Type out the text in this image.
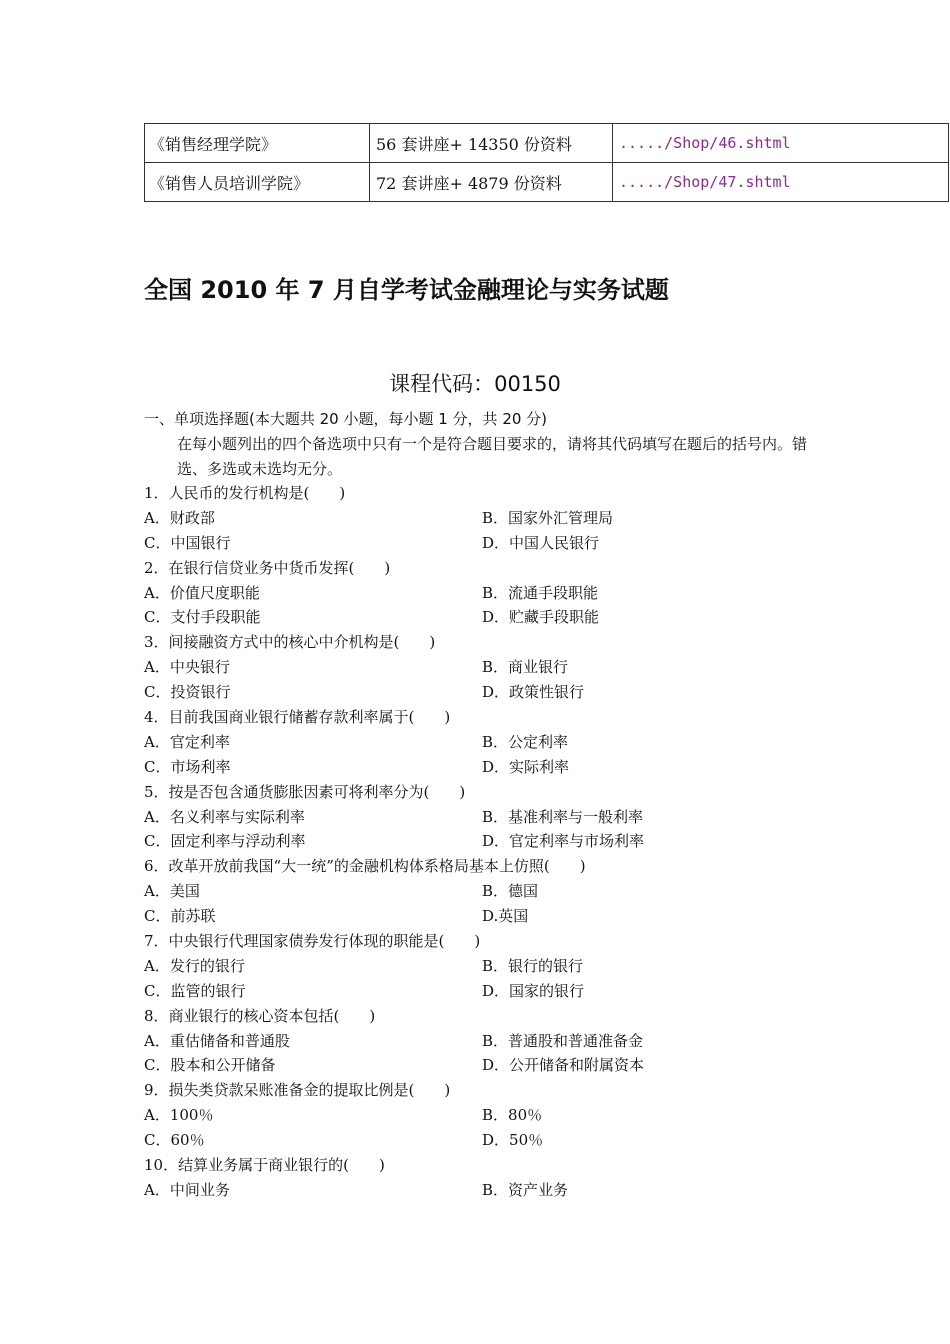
《销售经理学院》	56 套讲座+ 14350 份资料	...../Shop/46.shtml
《销售人员培训学院》	72 套讲座+ 4879 份资料	...../Shop/47.shtml
全国 2010 年 7 月自学考试金融理论与实务试题
课程代码：00150
一、单项选择题(本大题共 20 小题，每小题 1 分，共 20 分)
在每小题列出的四个备选项中只有一个是符合题目要求的，请将其代码填写在题后的括号内。错选、多选或未选均无分。
1．人民币的发行机构是(　　)
A．财政部	B．国家外汇管理局
C．中国银行	D．中国人民银行
2．在银行信贷业务中货币发挥(　　)
A．价值尺度职能	B．流通手段职能
C．支付手段职能	D．贮藏手段职能
3．间接融资方式中的核心中介机构是(　　)
A．中央银行	B．商业银行
C．投资银行	D．政策性银行
4．目前我国商业银行储蓄存款利率属于(　　)
A．官定利率	B．公定利率
C．市场利率	D．实际利率
5．按是否包含通货膨胀因素可将利率分为(　　)
A．名义利率与实际利率	B．基准利率与一般利率
C．固定利率与浮动利率	D．官定利率与市场利率
6．改革开放前我国“大一统”的金融机构体系格局基本上仿照(　　)
A．美国	B．德国
C．前苏联	D.英国
7．中央银行代理国家债券发行体现的职能是(　　)
A．发行的银行	B．银行的银行
C．监管的银行	D．国家的银行
8．商业银行的核心资本包括(　　)
A．重估储备和普通股	B．普通股和普通准备金
C．股本和公开储备	D．公开储备和附属资本
9．损失类贷款呆账准备金的提取比例是(　　)
A．100％	B．80％
C．60％	D．50％
10．结算业务属于商业银行的(　　)
A．中间业务	B．资产业务
